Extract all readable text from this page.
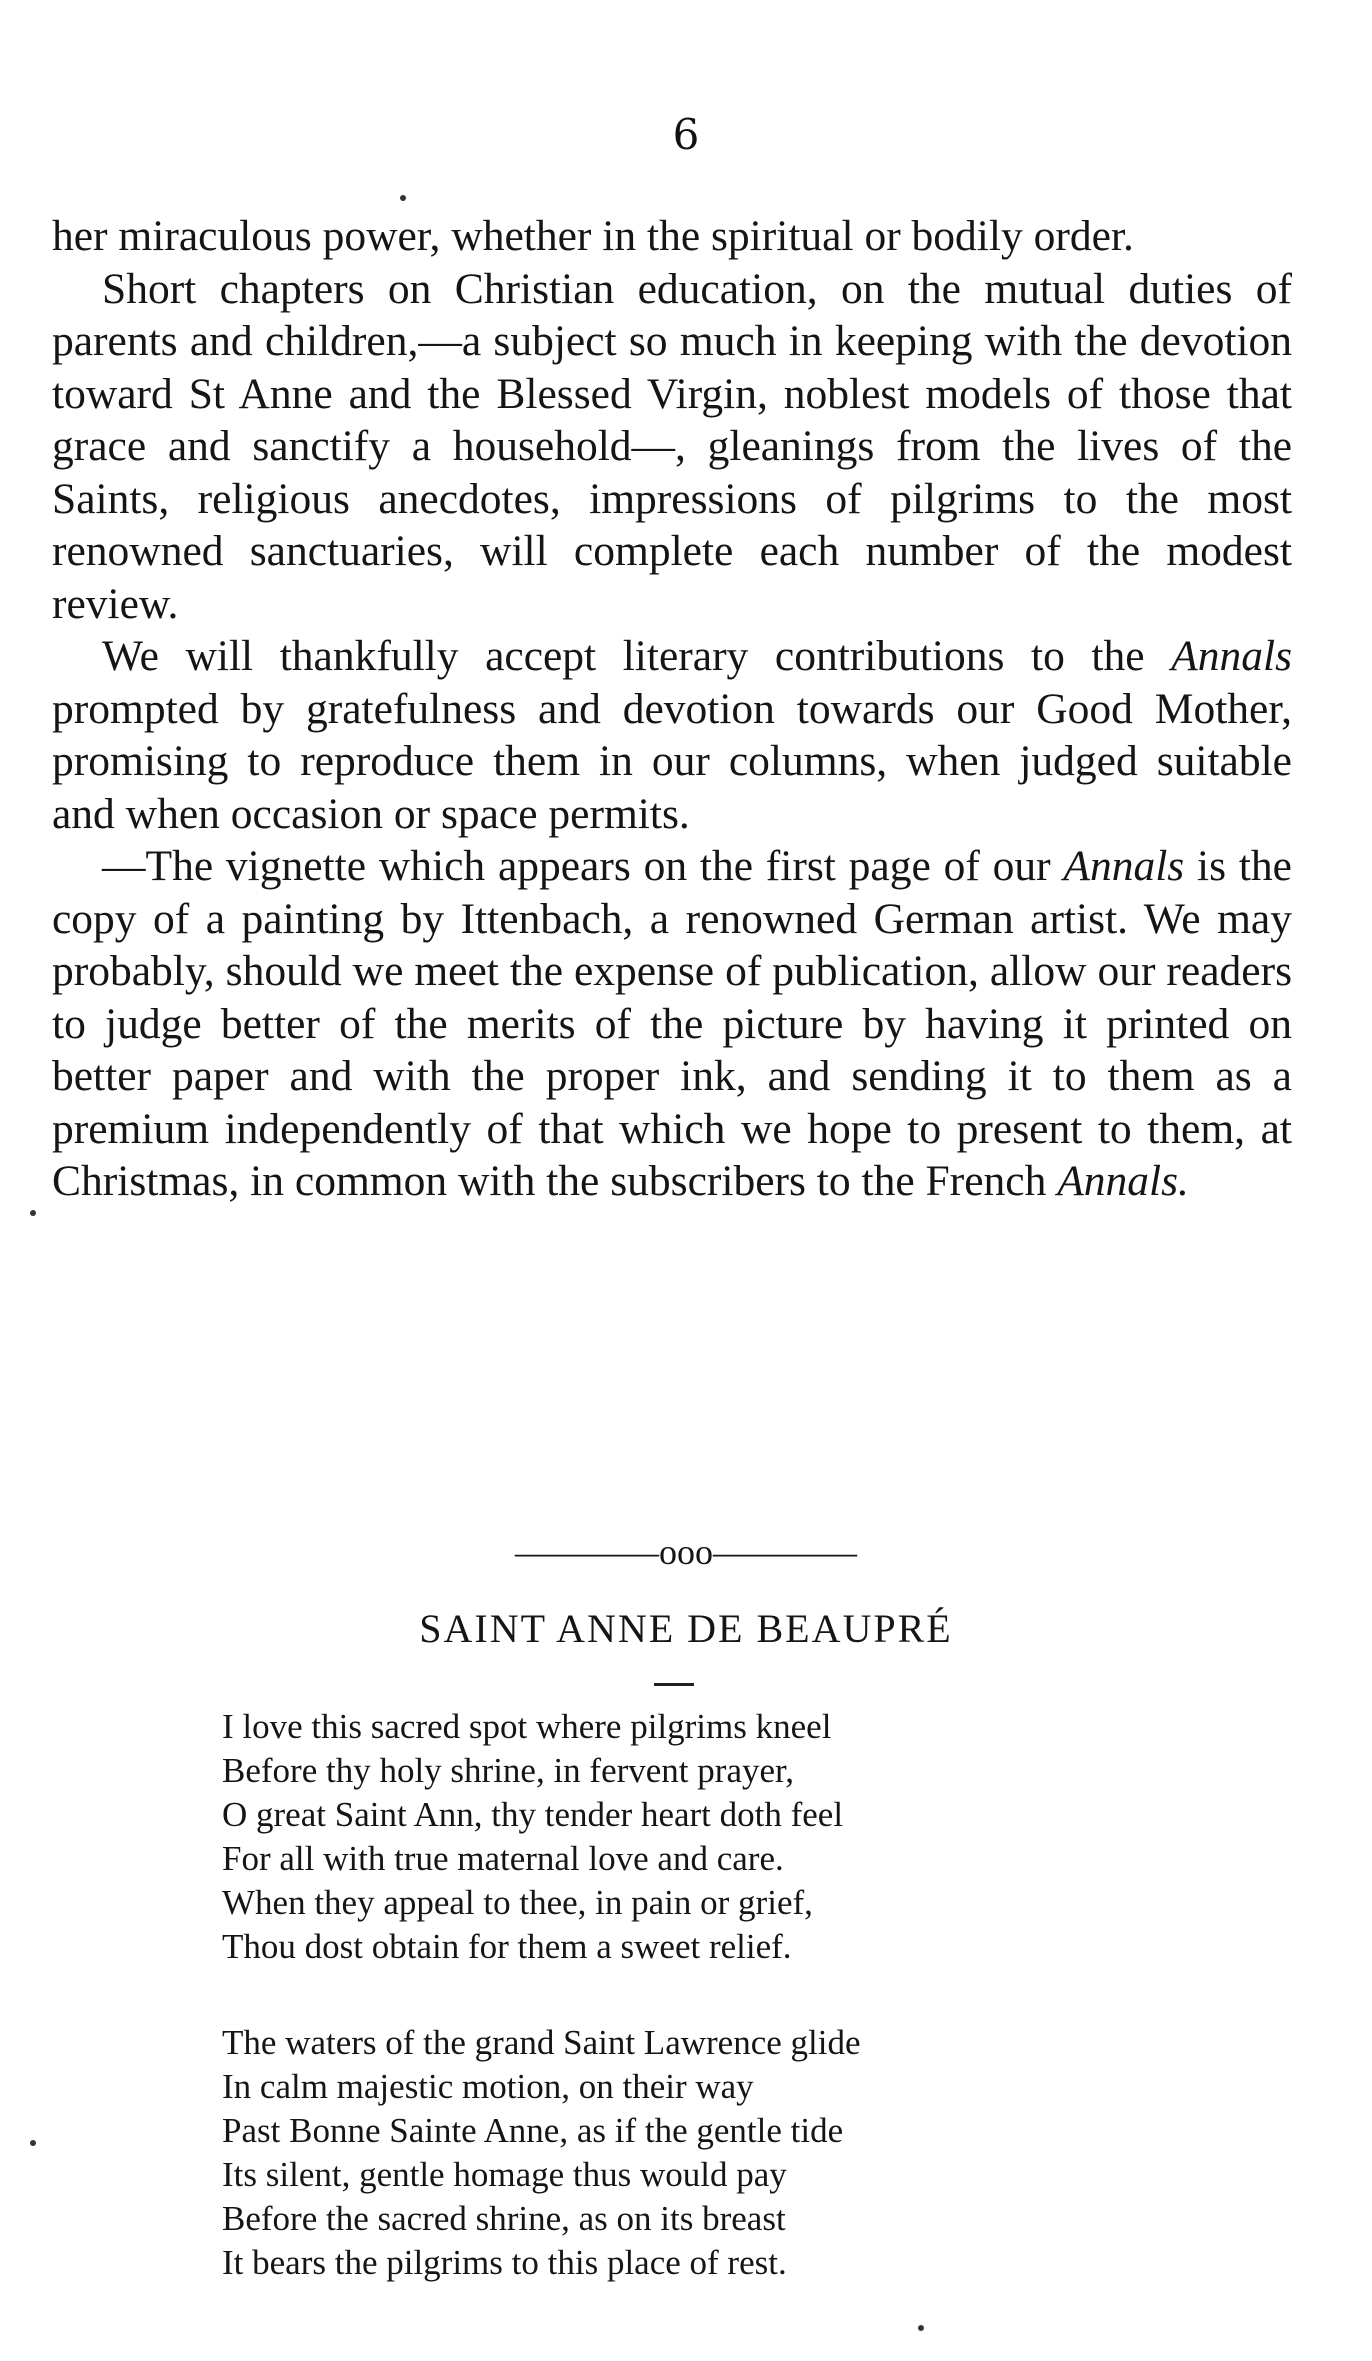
6

her miraculous power, whether in the spiritual or bodily order.

Short chapters on Christian education, on the mutual duties of parents and children,—a subject so much in keeping with the devotion toward St Anne and the Blessed Virgin, noblest models of those that grace and sanctify a household—, gleanings from the lives of the Saints, religious anecdotes, impressions of pilgrims to the most renowned sanctuaries, will complete each number of the modest review.

We will thankfully accept literary contributions to the Annals prompted by gratefulness and devotion towards our Good Mother, promising to reproduce them in our columns, when judged suitable and when occasion or space permits.

—The vignette which appears on the first page of our Annals is the copy of a painting by Ittenbach, a renowned German artist. We may probably, should we meet the expense of publication, allow our readers to judge better of the merits of the picture by having it printed on better paper and with the proper ink, and sending it to them as a premium independently of that which we hope to present to them, at Christmas, in common with the subscribers to the French Annals.

————ooo————
SAINT ANNE DE BEAUPRÉ
I love this sacred spot where pilgrims kneel
Before thy holy shrine, in fervent prayer,
O great Saint Ann, thy tender heart doth feel
For all with true maternal love and care.
When they appeal to thee, in pain or grief,
Thou dost obtain for them a sweet relief.
The waters of the grand Saint Lawrence glide
In calm majestic motion, on their way
Past Bonne Sainte Anne, as if the gentle tide
Its silent, gentle homage thus would pay
Before the sacred shrine, as on its breast
It bears the pilgrims to this place of rest.
